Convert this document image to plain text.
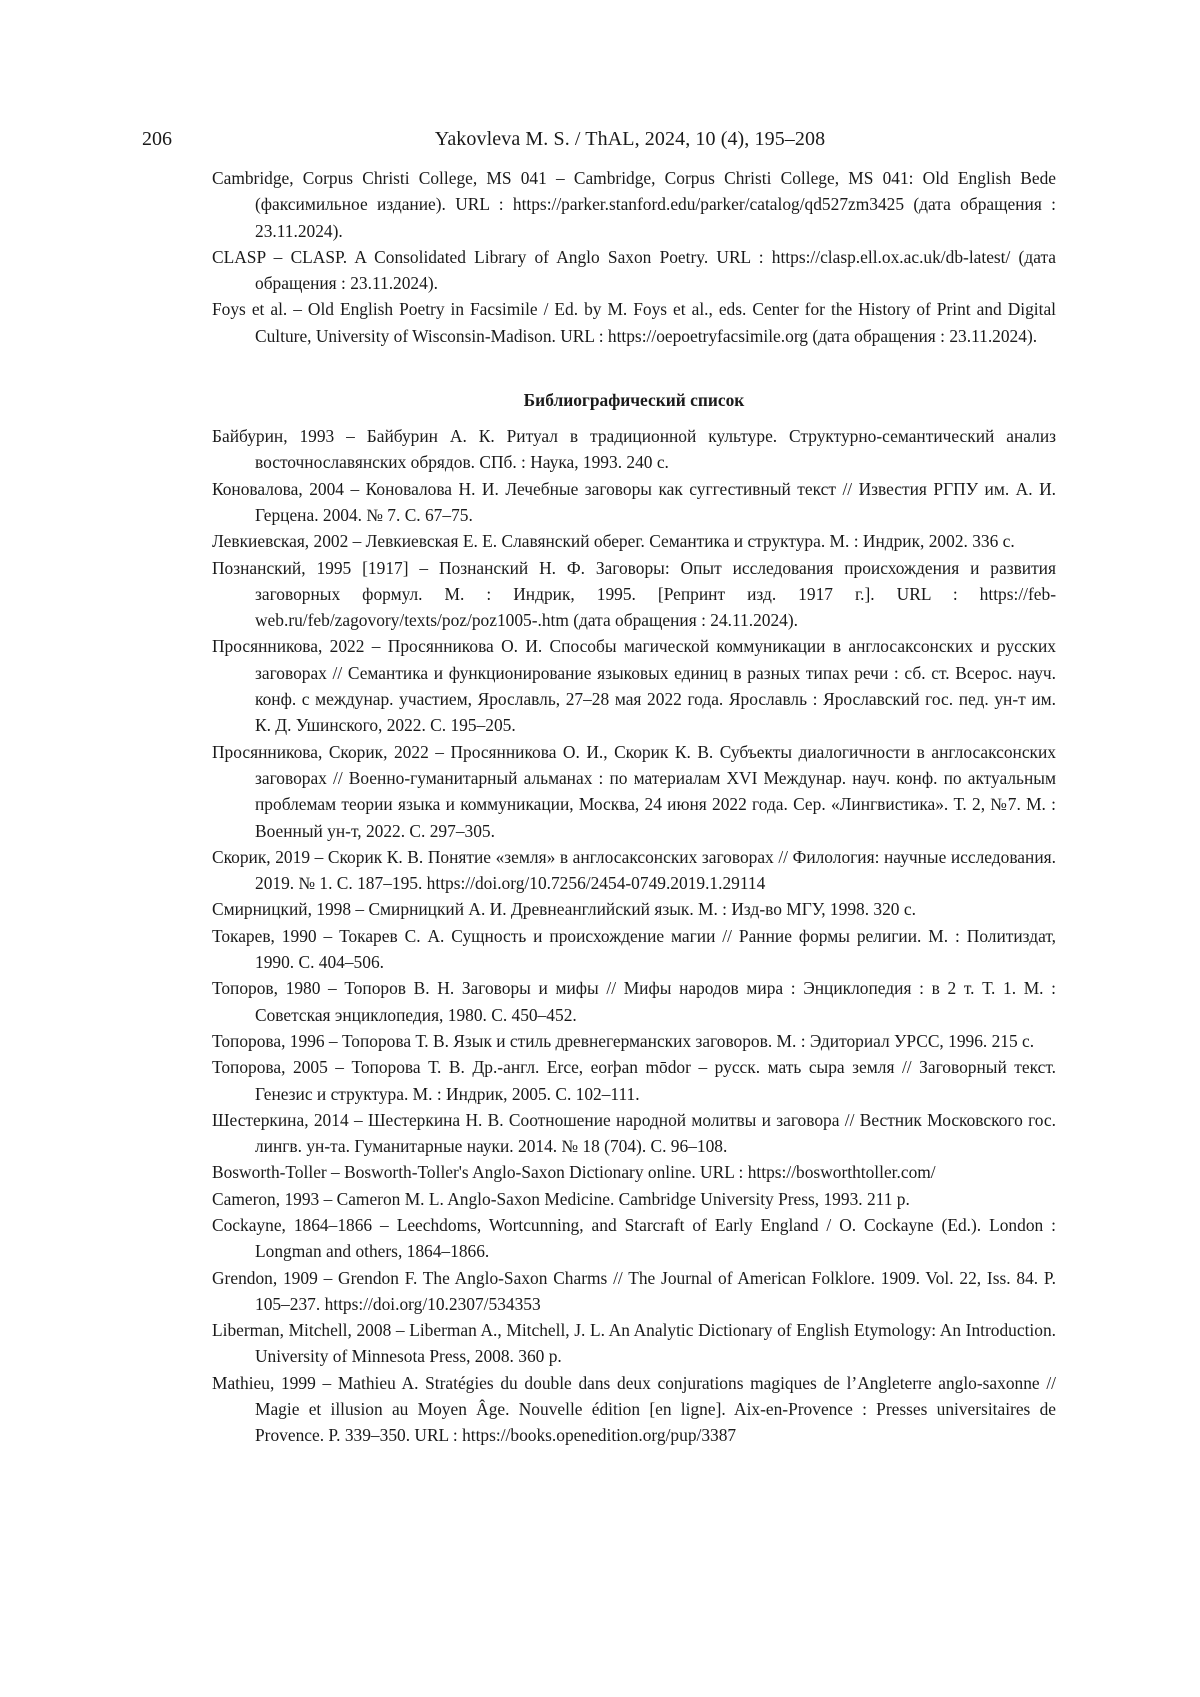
206	Yakovleva M. S. / ThAL, 2024, 10 (4), 195–208
Cambridge, Corpus Christi College, MS 041 – Cambridge, Corpus Christi College, MS 041: Old English Bede (факсимильное издание). URL : https://parker.stanford.edu/parker/catalog/qd527zm3425 (дата обращения : 23.11.2024).
CLASP – CLASP. A Consolidated Library of Anglo Saxon Poetry. URL : https://clasp.ell.ox.ac.uk/db-latest/ (дата обращения : 23.11.2024).
Foys et al. – Old English Poetry in Facsimile / Ed. by M. Foys et al., eds. Center for the History of Print and Digital Culture, University of Wisconsin-Madison. URL : https://oepoetryfacsimile.org (дата обращения : 23.11.2024).
Библиографический список
Байбурин, 1993 – Байбурин А. К. Ритуал в традиционной культуре. Структурно-семантический анализ восточнославянских обрядов. СПб. : Наука, 1993. 240 с.
Коновалова, 2004 – Коновалова Н. И. Лечебные заговоры как суггестивный текст // Известия РГПУ им. А. И. Герцена. 2004. № 7. С. 67–75.
Левкиевская, 2002 – Левкиевская Е. Е. Славянский оберег. Семантика и структура. М. : Индрик, 2002. 336 с.
Познанский, 1995 [1917] – Познанский Н. Ф. Заговоры: Опыт исследования происхождения и развития заговорных формул. М. : Индрик, 1995. [Репринт изд. 1917 г.]. URL : https://feb-web.ru/feb/zagovory/texts/poz/poz1005-.htm (дата обращения : 24.11.2024).
Просянникова, 2022 – Просянникова О. И. Способы магической коммуникации в англосаксонских и русских заговорах // Семантика и функционирование языковых единиц в разных типах речи : сб. ст. Всерос. науч. конф. с междунар. участием, Ярославль, 27–28 мая 2022 года. Ярославль : Ярославский гос. пед. ун-т им. К. Д. Ушинского, 2022. С. 195–205.
Просянникова, Скорик, 2022 – Просянникова О. И., Скорик К. В. Субъекты диалогичности в англосаксонских заговорах // Военно-гуманитарный альманах : по материалам XVI Междунар. науч. конф. по актуальным проблемам теории языка и коммуникации, Москва, 24 июня 2022 года. Сер. «Лингвистика». Т. 2, №7. М. : Военный ун-т, 2022. С. 297–305.
Скорик, 2019 – Скорик К. В. Понятие «земля» в англосаксонских заговорах // Филология: научные исследования. 2019. № 1. С. 187–195. https://doi.org/10.7256/2454-0749.2019.1.29114
Смирницкий, 1998 – Смирницкий А. И. Древнеанглийский язык. М. : Изд-во МГУ, 1998. 320 с.
Токарев, 1990 – Токарев С. А. Сущность и происхождение магии // Ранние формы религии. М. : Политиздат, 1990. С. 404–506.
Топоров, 1980 – Топоров В. Н. Заговоры и мифы // Мифы народов мира : Энциклопедия : в 2 т. Т. 1. М. : Советская энциклопедия, 1980. С. 450–452.
Топорова, 1996 – Топорова Т. В. Язык и стиль древнегерманских заговоров. М. : Эдиториал УРСС, 1996. 215 с.
Топорова, 2005 – Топорова Т. В. Др.-англ. Erce, eorþan mōdor – русск. мать сыра земля // Заговорный текст. Генезис и структура. М. : Индрик, 2005. С. 102–111.
Шестеркина, 2014 – Шестеркина Н. В. Соотношение народной молитвы и заговора // Вестник Московского гос. лингв. ун-та. Гуманитарные науки. 2014. № 18 (704). С. 96–108.
Bosworth-Toller – Bosworth-Toller's Anglo-Saxon Dictionary online. URL : https://bosworthtoller.com/
Cameron, 1993 – Cameron M. L. Anglo-Saxon Medicine. Cambridge University Press, 1993. 211 p.
Cockayne, 1864–1866 – Leechdoms, Wortcunning, and Starcraft of Early England / O. Cockayne (Ed.). London : Longman and others, 1864–1866.
Grendon, 1909 – Grendon F. The Anglo-Saxon Charms // The Journal of American Folklore. 1909. Vol. 22, Iss. 84. P. 105–237. https://doi.org/10.2307/534353
Liberman, Mitchell, 2008 – Liberman A., Mitchell, J. L. An Analytic Dictionary of English Etymology: An Introduction. University of Minnesota Press, 2008. 360 p.
Mathieu, 1999 – Mathieu A. Stratégies du double dans deux conjurations magiques de l’Angleterre anglo-saxonne // Magie et illusion au Moyen Âge. Nouvelle édition [en ligne]. Aix-en-Provence : Presses universitaires de Provence. P. 339–350. URL : https://books.openedition.org/pup/3387
